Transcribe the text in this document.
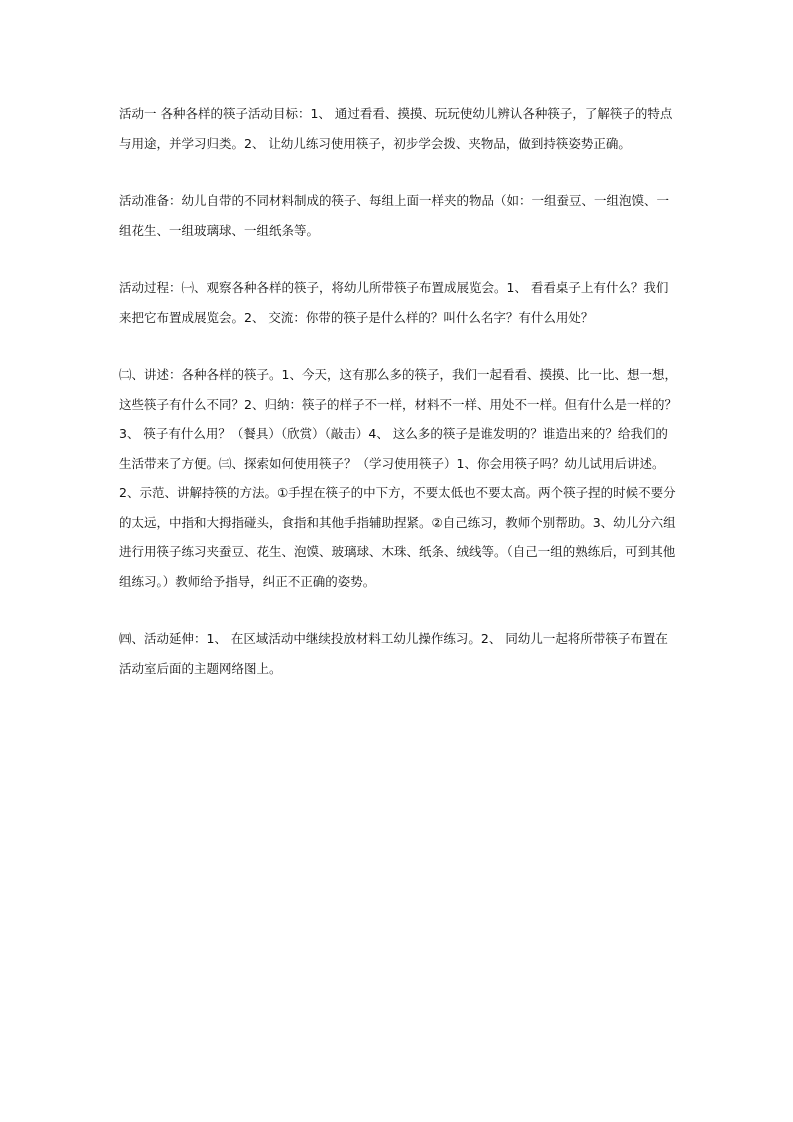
活动一 各种各样的筷子活动目标：1、 通过看看、摸摸、玩玩使幼儿辨认各种筷子，了解筷子的特点与用途，并学习归类。2、 让幼儿练习使用筷子，初步学会拨、夹物品，做到持筷姿势正确。

活动准备：幼儿自带的不同材料制成的筷子、每组上面一样夹的物品（如：一组蚕豆、一组泡馍、一组花生、一组玻璃球、一组纸条等。

活动过程：㈠、观察各种各样的筷子，将幼儿所带筷子布置成展览会。1、 看看桌子上有什么？我们来把它布置成展览会。2、 交流：你带的筷子是什么样的？叫什么名字？有什么用处？

㈡、讲述：各种各样的筷子。1、今天，这有那么多的筷子，我们一起看看、摸摸、比一比、想一想，这些筷子有什么不同？2、归纳：筷子的样子不一样，材料不一样、用处不一样。但有什么是一样的？3、 筷子有什么用？（餐具）（欣赏）（敲击）4、 这么多的筷子是谁发明的？谁造出来的？给我们的生活带来了方便。㈢、探索如何使用筷子？（学习使用筷子）1、你会用筷子吗？幼儿试用后讲述。2、示范、讲解持筷的方法。①手捏在筷子的中下方，不要太低也不要太高。两个筷子捏的时候不要分的太远，中指和大拇指碰头，食指和其他手指辅助捏紧。②自己练习，教师个别帮助。3、幼儿分六组进行用筷子练习夹蚕豆、花生、泡馍、玻璃球、木珠、纸条、绒线等。（自己一组的熟练后，可到其他组练习。）教师给予指导，纠正不正确的姿势。

㈣、活动延伸：1、 在区域活动中继续投放材料工幼儿操作练习。2、 同幼儿一起将所带筷子布置在活动室后面的主题网络图上。
